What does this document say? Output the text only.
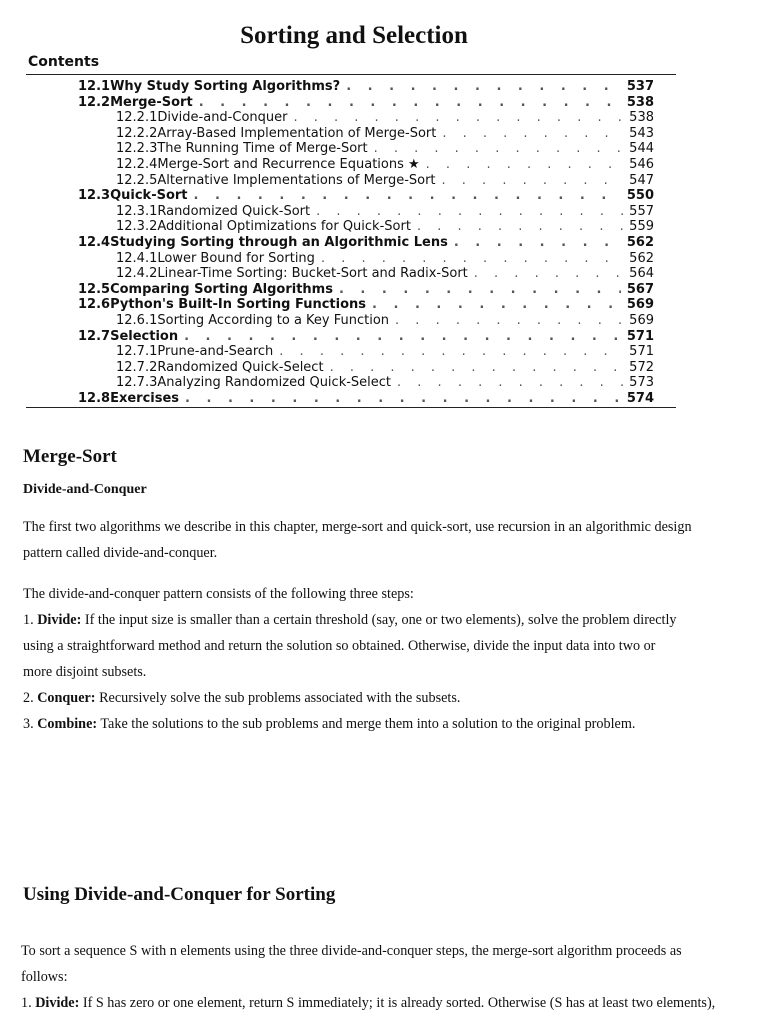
Sorting and Selection
Contents
12.1 Why Study Sorting Algorithms? . . .	537
12.2 Merge-Sort . . .	538
12.2.1 Divide-and-Conquer . . .	538
12.2.2 Array-Based Implementation of Merge-Sort . . .	543
12.2.3 The Running Time of Merge-Sort . . .	544
12.2.4 Merge-Sort and Recurrence Equations ★ . . .	546
12.2.5 Alternative Implementations of Merge-Sort . . .	547
12.3 Quick-Sort . . .	550
12.3.1 Randomized Quick-Sort . . .	557
12.3.2 Additional Optimizations for Quick-Sort . . .	559
12.4 Studying Sorting through an Algorithmic Lens . . .	562
12.4.1 Lower Bound for Sorting . . .	562
12.4.2 Linear-Time Sorting: Bucket-Sort and Radix-Sort . . .	564
12.5 Comparing Sorting Algorithms . . .	567
12.6 Python's Built-In Sorting Functions . . .	569
12.6.1 Sorting According to a Key Function . . .	569
12.7 Selection . . .	571
12.7.1 Prune-and-Search . . .	571
12.7.2 Randomized Quick-Select . . .	572
12.7.3 Analyzing Randomized Quick-Select . . .	573
12.8 Exercises . . .	574
Merge-Sort
Divide-and-Conquer
The first two algorithms we describe in this chapter, merge-sort and quick-sort, use recursion in an algorithmic design
pattern called divide-and-conquer.
The divide-and-conquer pattern consists of the following three steps:
1. Divide: If the input size is smaller than a certain threshold (say, one or two elements), solve the problem directly
using a straightforward method and return the solution so obtained. Otherwise, divide the input data into two or
more disjoint subsets.
2. Conquer: Recursively solve the sub problems associated with the subsets.
3. Combine: Take the solutions to the sub problems and merge them into a solution to the original problem.
Using Divide-and-Conquer for Sorting
To sort a sequence S with n elements using the three divide-and-conquer steps, the merge-sort algorithm proceeds as
follows:
1. Divide: If S has zero or one element, return S immediately; it is already sorted. Otherwise (S has at least two elements),
